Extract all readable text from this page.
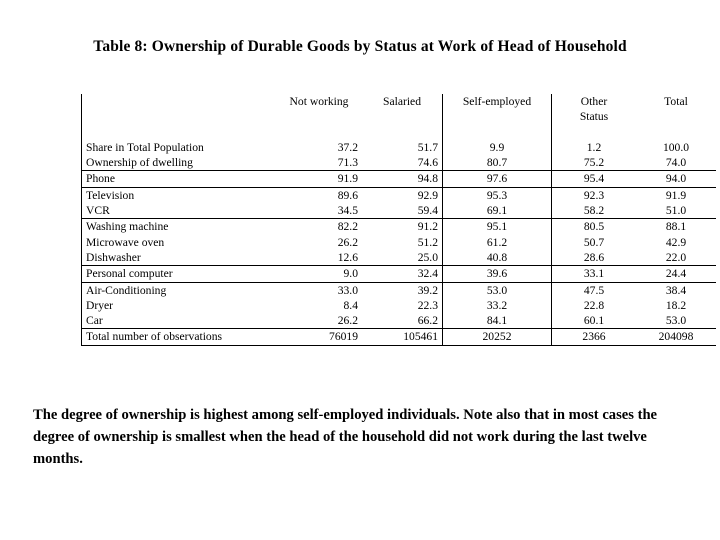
Table 8: Ownership of Durable Goods by Status at Work of Head of Household
	Not working	Salaried	Self-employed	Other	Total
				Status	

Share in Total Population	37.2	51.7	9.9	1.2	100.0
Ownership of dwelling	71.3	74.6	80.7	75.2	74.0
Phone	91.9	94.8	97.6	95.4	94.0
Television	89.6	92.9	95.3	92.3	91.9
VCR	34.5	59.4	69.1	58.2	51.0
Washing machine	82.2	91.2	95.1	80.5	88.1
Microwave oven	26.2	51.2	61.2	50.7	42.9
Dishwasher	12.6	25.0	40.8	28.6	22.0
Personal computer	9.0	32.4	39.6	33.1	24.4
Air-Conditioning	33.0	39.2	53.0	47.5	38.4
Dryer	8.4	22.3	33.2	22.8	18.2
Car	26.2	66.2	84.1	60.1	53.0
Total number of observations	76019	105461	20252	2366	204098
The degree of ownership is highest among self-employed individuals. Note also that in most cases the degree of ownership is smallest when the head of the household did not work during the last twelve months.
